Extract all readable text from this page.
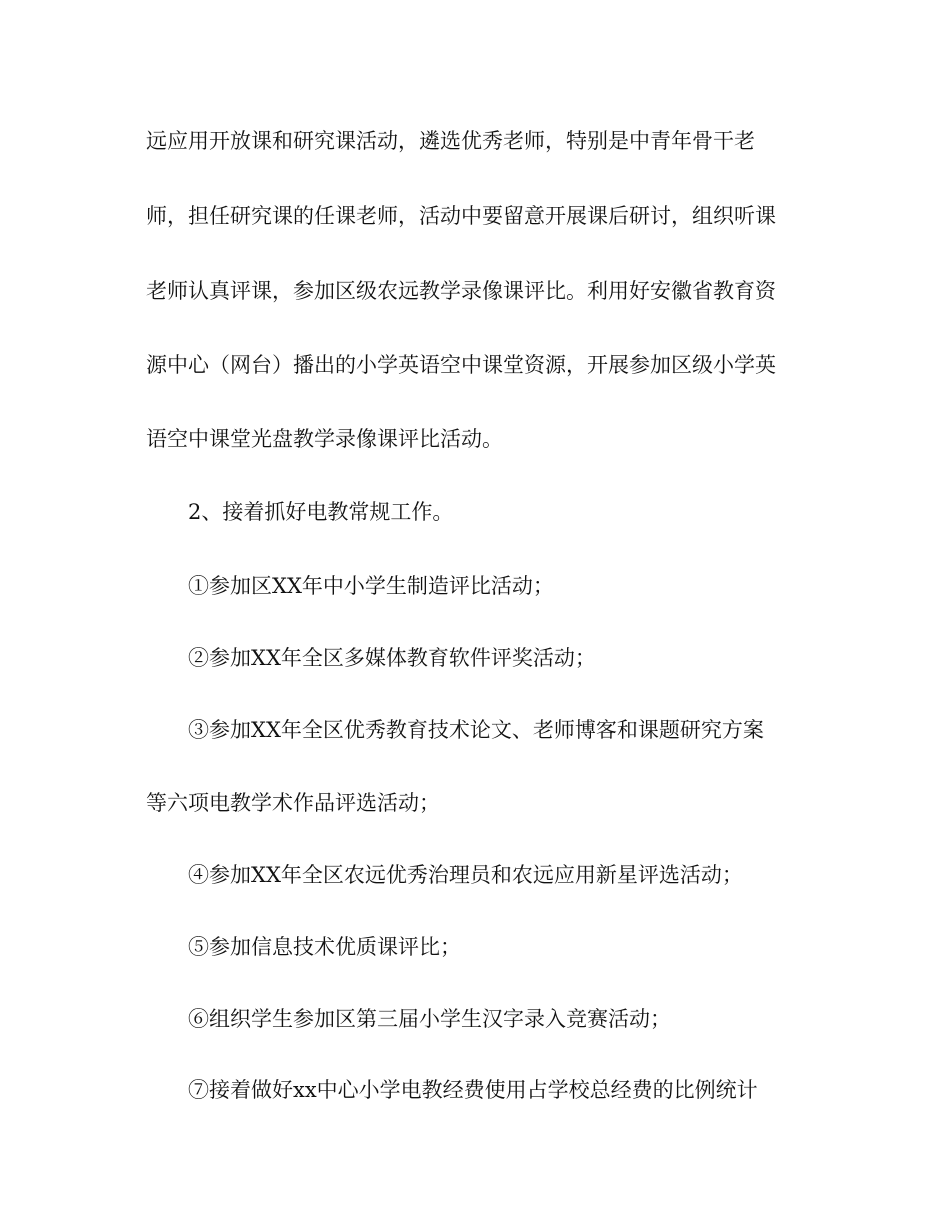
远应用开放课和研究课活动，遴选优秀老师，特别是中青年骨干老
师，担任研究课的任课老师，活动中要留意开展课后研讨，组织听课
老师认真评课，参加区级农远教学录像课评比。利用好安徽省教育资
源中心（网台）播出的小学英语空中课堂资源，开展参加区级小学英
语空中课堂光盘教学录像课评比活动。
2、接着抓好电教常规工作。
①参加区XX年中小学生制造评比活动；
②参加XX年全区多媒体教育软件评奖活动；
③参加XX年全区优秀教育技术论文、老师博客和课题研究方案
等六项电教学术作品评选活动；
④参加XX年全区农远优秀治理员和农远应用新星评选活动；
⑤参加信息技术优质课评比；
⑥组织学生参加区第三届小学生汉字录入竞赛活动；
⑦接着做好xx中心小学电教经费使用占学校总经费的比例统计
